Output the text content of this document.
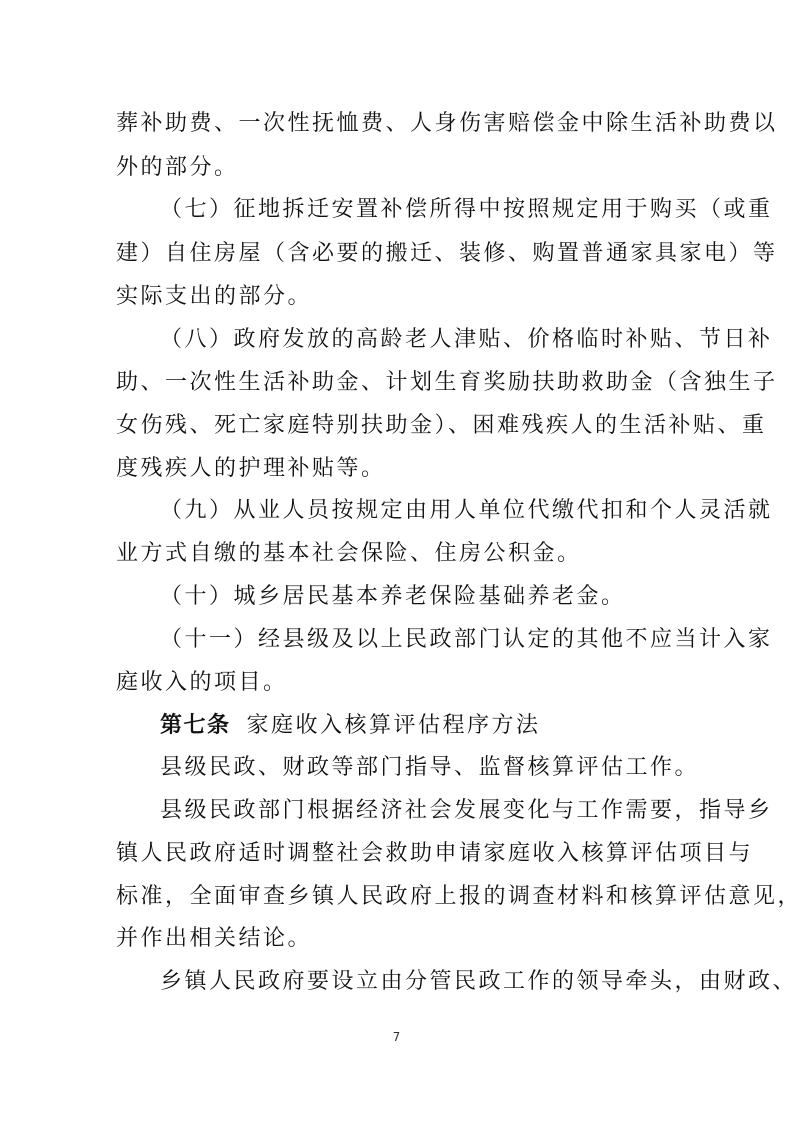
葬补助费、一次性抚恤费、人身伤害赔偿金中除生活补助费以
外的部分。
（七）征地拆迁安置补偿所得中按照规定用于购买（或重
建）自住房屋（含必要的搬迁、装修、购置普通家具家电）等
实际支出的部分。
（八）政府发放的高龄老人津贴、价格临时补贴、节日补
助、一次性生活补助金、计划生育奖励扶助救助金（含独生子
女伤残、死亡家庭特别扶助金）、困难残疾人的生活补贴、重
度残疾人的护理补贴等。
（九）从业人员按规定由用人单位代缴代扣和个人灵活就
业方式自缴的基本社会保险、住房公积金。
（十）城乡居民基本养老保险基础养老金。
（十一）经县级及以上民政部门认定的其他不应当计入家
庭收入的项目。
第七条 家庭收入核算评估程序方法
县级民政、财政等部门指导、监督核算评估工作。
县级民政部门根据经济社会发展变化与工作需要，指导乡
镇人民政府适时调整社会救助申请家庭收入核算评估项目与
标准，全面审查乡镇人民政府上报的调查材料和核算评估意见，
并作出相关结论。
乡镇人民政府要设立由分管民政工作的领导牵头，由财政、
7
